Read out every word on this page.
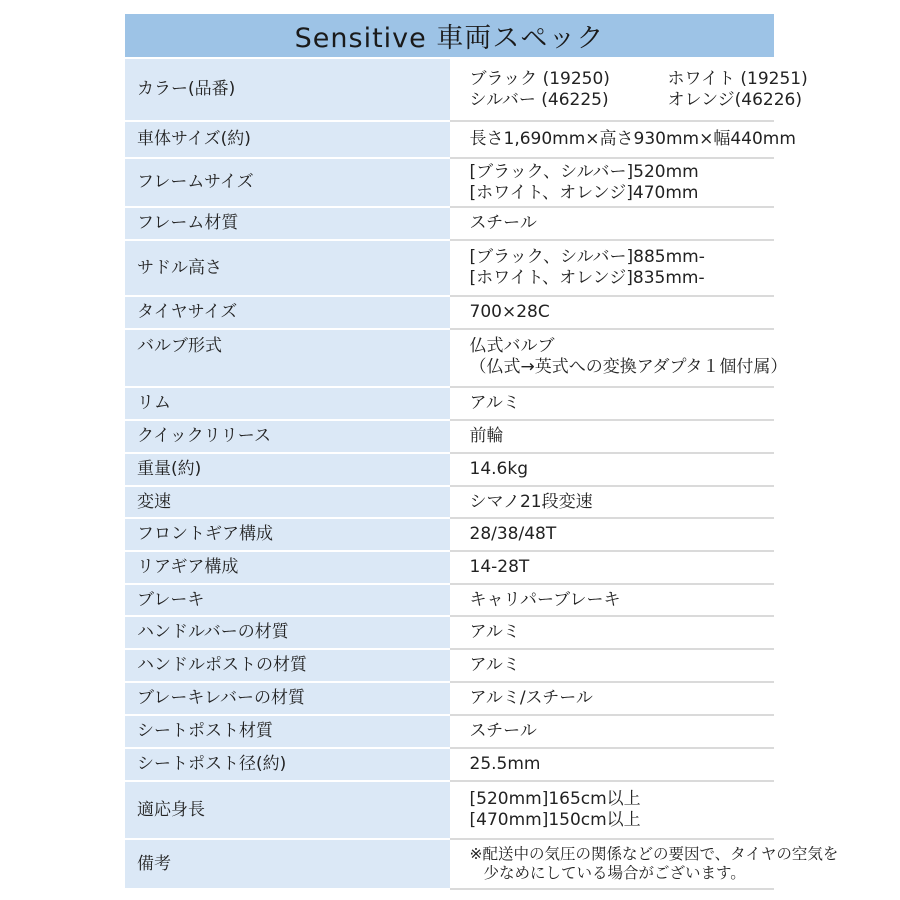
Sensitive 車両スペック	
カラー(品番)	ブラック (19250) ホワイト (19251)
シルバー (46225) オレンジ(46226)

車体サイズ(約)	長さ1,690mm×高さ930mm×幅440mm

フレームサイズ	[ブラック、シルバー]520mm
[ホワイト、オレンジ]470mm

フレーム材質	スチール

サドル高さ	[ブラック、シルバー]885mm-
[ホワイト、オレンジ]835mm-

タイヤサイズ	700×28C

バルブ形式	仏式バルブ
（仏式→英式への変換アダプタ１個付属）

リム	アルミ

クイックリリース	前輪

重量(約)	14.6kg

変速	シマノ21段変速

フロントギア構成	28/38/48T

リアギア構成	14-28T

ブレーキ	キャリパーブレーキ

ハンドルバーの材質	アルミ

ハンドルポストの材質	アルミ

ブレーキレバーの材質	アルミ/スチール

シートポスト材質	スチール

シートポスト径(約)	25.5mm

適応身長	[520mm]165cm以上
[470mm]150cm以上

備考	※配送中の気圧の関係などの要因で、タイヤの空気を
少なめにしている場合がございます。
